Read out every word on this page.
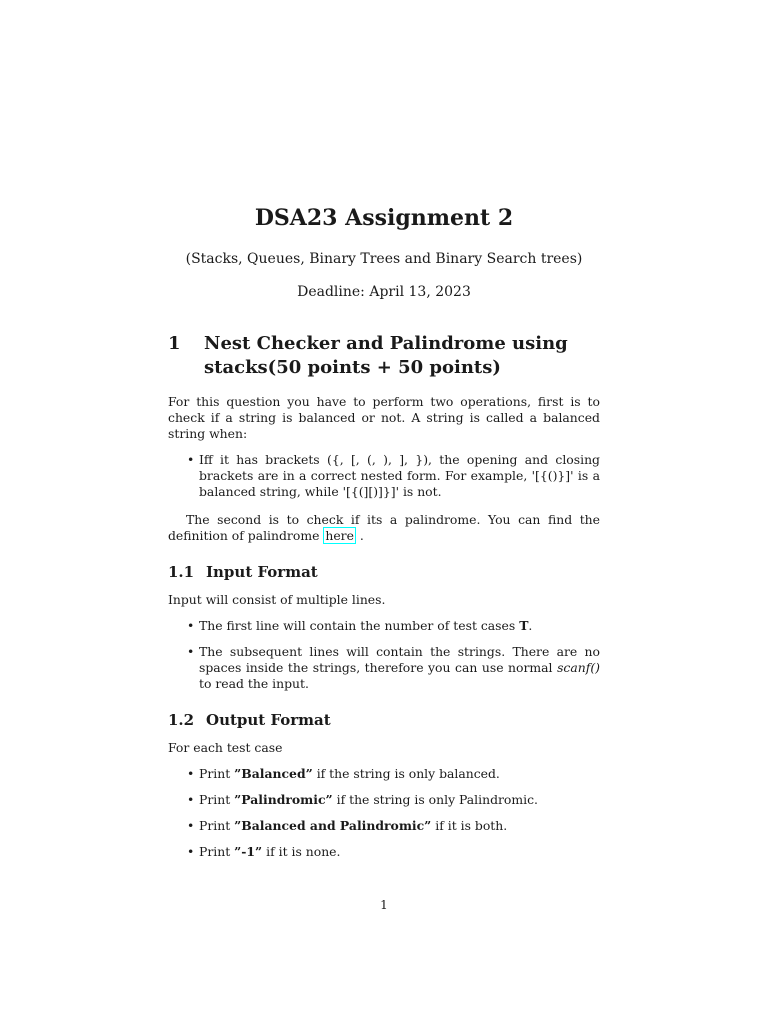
DSA23 Assignment 2
(Stacks, Queues, Binary Trees and Binary Search trees)
Deadline: April 13, 2023
1	Nest Checker and Palindrome using stacks(50 points + 50 points)

For this question you have to perform two operations, first is to check if a string is balanced or not. A string is called a balanced string when:

• Iff it has brackets ({, [, (, ), ], }), the opening and closing brackets are in a correct nested form. For example, '[{()}]' is a balanced string, while '[{(][)]}]' is not.

The second is to check if its a palindrome. You can find the definition of palindrome here .

1.1 Input Format

Input will consist of multiple lines.

• The first line will contain the number of test cases T.
• The subsequent lines will contain the strings. There are no spaces inside the strings, therefore you can use normal scanf() to read the input.
1.2 Output Format

For each test case

• Print ”Balanced” if the string is only balanced.
• Print ”Palindromic” if the string is only Palindromic.
• Print ”Balanced and Palindromic” if it is both.
• Print ”-1” if it is none.
1
